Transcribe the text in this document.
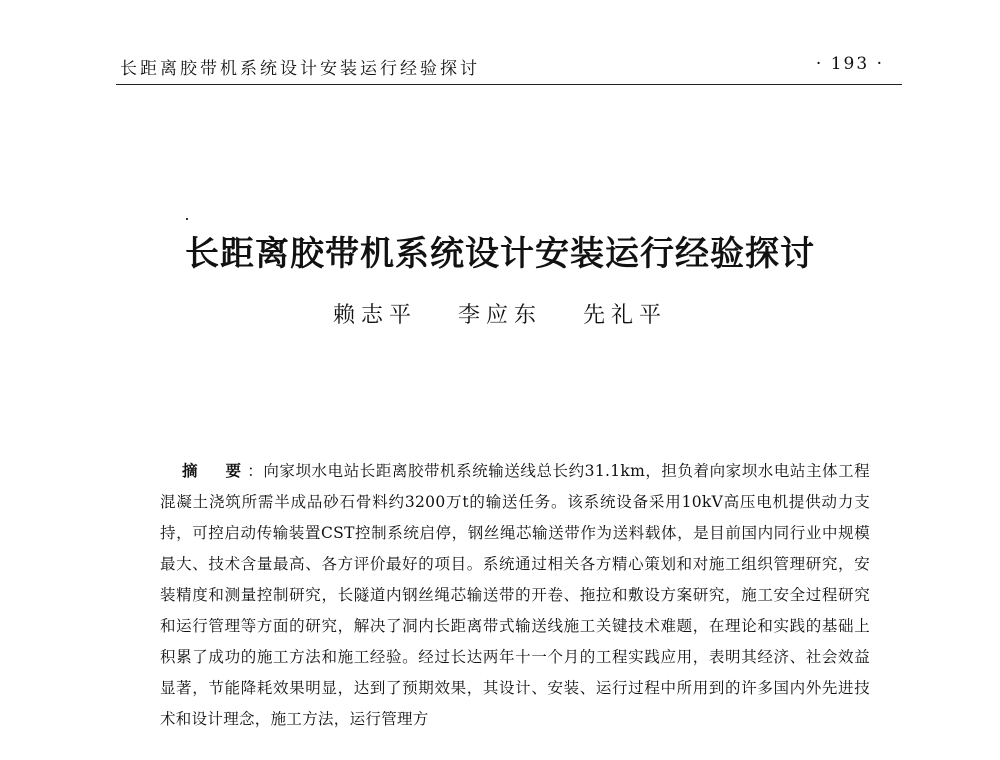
长距离胶带机系统设计安装运行经验探讨	· 193 ·
长距离胶带机系统设计安装运行经验探讨
赖志平 李应东 先礼平
摘　要：向家坝水电站长距离胶带机系统输送线总长约31.1km，担负着向家坝水电站主体工程混凝土浇筑所需半成品砂石骨料约3200万t的输送任务。该系统设备采用10kV高压电机提供动力支持，可控启动传输装置CST控制系统启停，钢丝绳芯输送带作为送料载体，是目前国内同行业中规模最大、技术含量最高、各方评价最好的项目。系统通过相关各方精心策划和对施工组织管理研究，安装精度和测量控制研究，长隧道内钢丝绳芯输送带的开卷、拖拉和敷设方案研究，施工安全过程研究和运行管理等方面的研究，解决了洞内长距离带式输送线施工关键技术难题，在理论和实践的基础上积累了成功的施工方法和施工经验。经过长达两年十一个月的工程实践应用，表明其经济、社会效益显著，节能降耗效果明显，达到了预期效果，其设计、安装、运行过程中所用到的许多国内外先进技术和设计理念，施工方法，运行管理方
